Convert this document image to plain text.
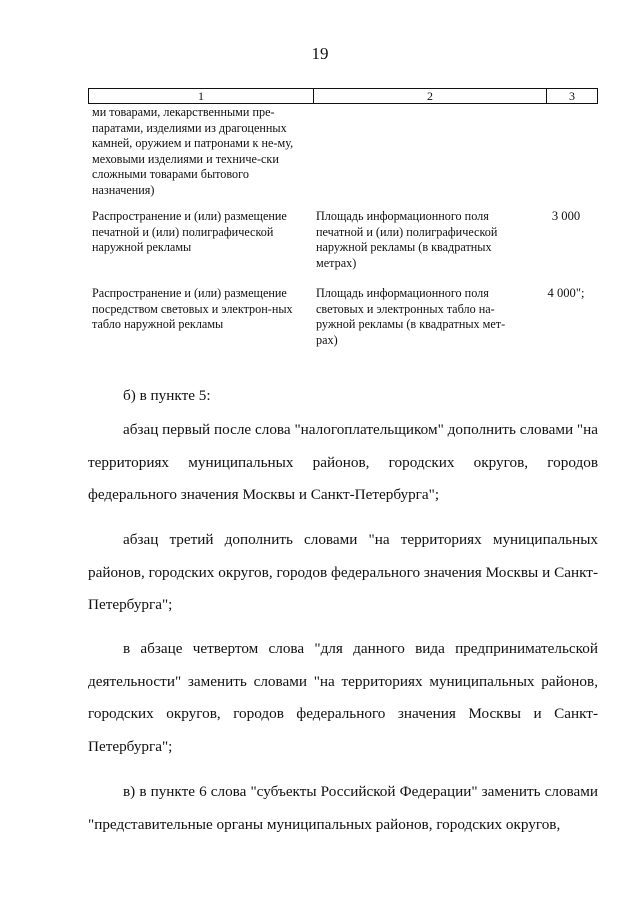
19
1	2	3
ми товарами, лекарственными пре-паратами, изделиями из драгоценных камней, оружием и патронами к не-му, меховыми изделиями и техниче-ски сложными товарами бытового назначения)
Распространение и (или) размещение печатной и (или) полиграфической наружной рекламы
Площадь информационного поля печатной и (или) полиграфической наружной рекламы (в квадратных метрах)
3 000
Распространение и (или) размещение посредством световых и электрон-ных табло наружной рекламы
Площадь информационного поля световых и электронных табло на-ружной рекламы (в квадратных мет-рах)
4 000";
б) в пункте 5:
абзац первый после слова "налогоплательщиком" дополнить словами "на территориях муниципальных районов, городских округов, городов федерального значения Москвы и Санкт-Петербурга";
абзац третий дополнить словами "на территориях муниципальных районов, городских округов, городов федерального значения Москвы и Санкт-Петербурга";
в абзаце четвертом слова "для данного вида предпринимательской деятельности" заменить словами "на территориях муниципальных районов, городских округов, городов федерального значения Москвы и Санкт-Петербурга";
в) в пункте 6 слова "субъекты Российской Федерации" заменить словами "представительные органы муниципальных районов, городских округов,
